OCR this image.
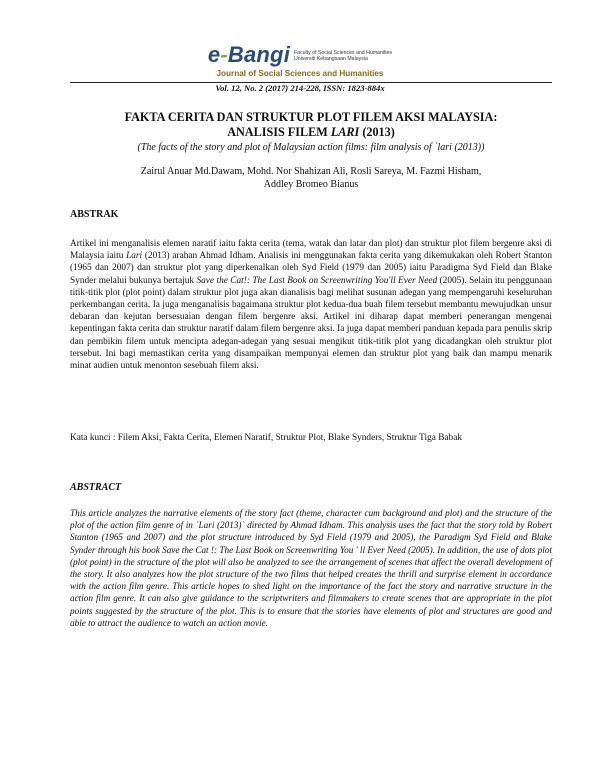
e-Bangi Faculty of Social Sciences and Humanities
Universiti Kebangsaan Malaysia
Journal of Social Sciences and Humanities
Vol. 12, No. 2 (2017) 214-228, ISSN: 1823-884x
FAKTA CERITA DAN STRUKTUR PLOT FILEM AKSI MALAYSIA:
ANALISIS FILEM LARI (2013)
(The facts of the story and plot of Malaysian action films: film analysis of `lari (2013))
Zairul Anuar Md.Dawam, Mohd. Nor Shahizan Ali, Rosli Sareya, M. Fazmi Hisham,
Addley Bromeo Bianus
ABSTRAK
Artikel ini menganalisis elemen naratif iaitu fakta cerita (tema, watak dan latar dan plot) dan struktur plot filem bergenre aksi di Malaysia iaitu Lari (2013) arahan Ahmad Idham. Analisis ini menggunakan fakta cerita yang dikemukakan oleh Robert Stanton (1965 dan 2007) dan struktur plot yang diperkenalkan oleh Syd Field (1979 dan 2005) iaitu Paradigma Syd Field dan Blake Synder melalui bukunya bertajuk Save the Cat!: The Last Book on Screenwriting You'll Ever Need (2005). Selain itu penggunaan titik-titik plot (plot point) dalam struktur plot juga akan dianalisis bagi melihat susunan adegan yang mempengaruhi keseluruhan perkembangan cerita. Ia juga menganalisis bagaimana struktur plot kedua-dua buah filem tersebut membantu mewujudkan unsur debaran dan kejutan bersesuaian dengan filem bergenre aksi. Artikel ini diharap dapat memberi penerangan mengenai kepentingan fakta cerita dan struktur naratif dalam filem bergenre aksi. Ia juga dapat memberi panduan kepada para penulis skrip dan pembikin filem untuk mencipta adegan-adegan yang sesuai mengikut titik-titik plot yang dicadangkan oleh struktur plot tersebut. Ini bagi memastikan cerita yang disampaikan mempunyai elemen dan struktur plot yang baik dan mampu menarik minat audien untuk menonton sesebuah filem aksi.
Kata kunci : Filem Aksi, Fakta Cerita, Elemen Naratif, Struktur Plot, Blake Synders, Struktur Tiga Babak
ABSTRACT
This article analyzes the narrative elements of the story fact (theme, character cum background and plot) and the structure of the plot of the action film genre of in `Lari (2013)` directed by Ahmad Idham. This analysis uses the fact that the story told by Robert Stanton (1965 and 2007) and the plot structure introduced by Syd Field (1979 and 2005), the Paradigm Syd Field and Blake Synder through his book Save the Cat !: The Last Book on Screenwriting You ' ll Ever Need (2005). In addition, the use of dots plot (plot point) in the structure of the plot will also be analyzed to see the arrangement of scenes that affect the overall development of the story. It also analyzes how the plot structure of the two films that helped creates the thrill and surprise element in accordance with the action film genre. This article hopes to shed light on the importance of the fact the story and narrative structure in the action film genre. It can also give guidance to the scriptwriters and filmmakers to create scenes that are appropriate in the plot points suggested by the structure of the plot. This is to ensure that the stories have elements of plot and structures are good and able to attract the audience to watch an action movie.
